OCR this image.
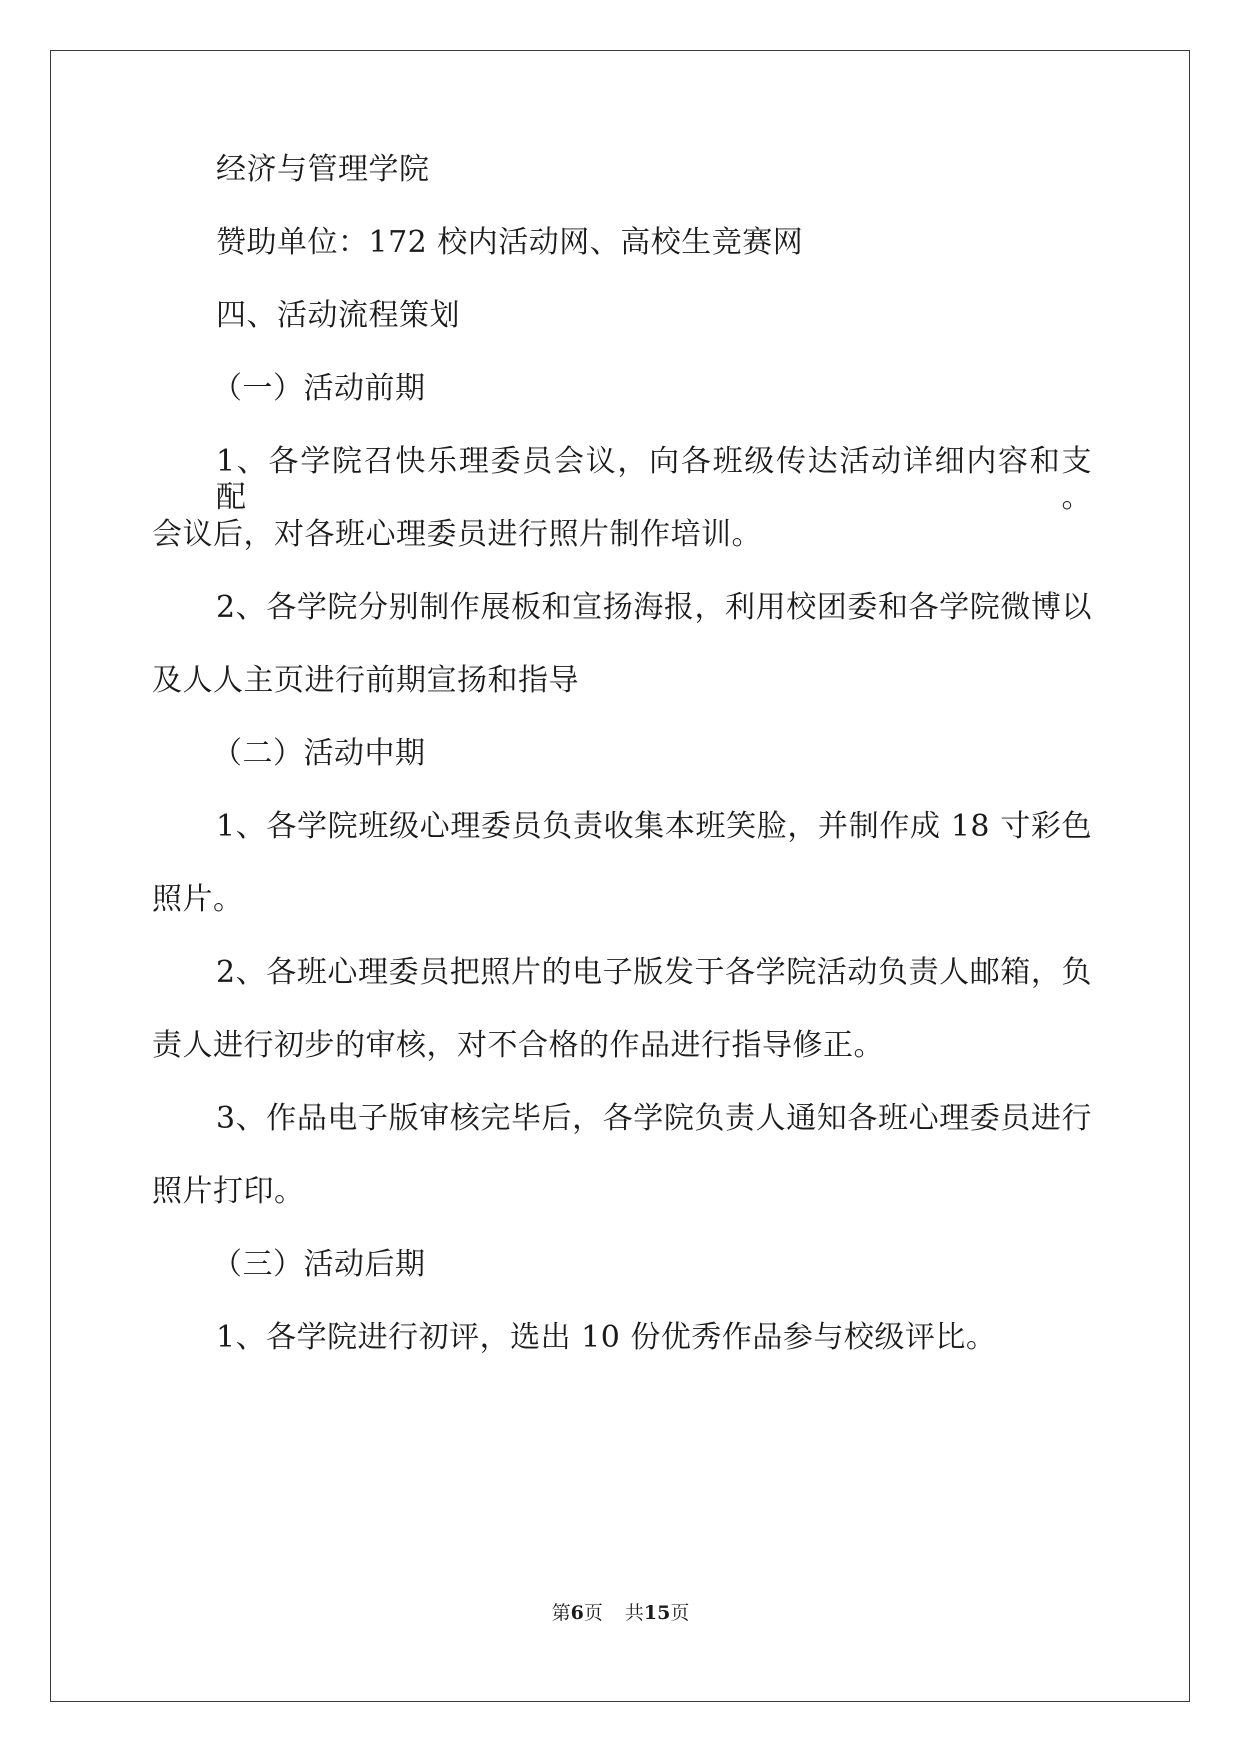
经济与管理学院
赞助单位：172 校内活动网、高校生竞赛网
四、活动流程策划
（一）活动前期
1、各学院召快乐理委员会议，向各班级传达活动详细内容和支配。
会议后，对各班心理委员进行照片制作培训。
2、各学院分别制作展板和宣扬海报，利用校团委和各学院微博以
及人人主页进行前期宣扬和指导
（二）活动中期
1、各学院班级心理委员负责收集本班笑脸，并制作成 18 寸彩色
照片。
2、各班心理委员把照片的电子版发于各学院活动负责人邮箱，负
责人进行初步的审核，对不合格的作品进行指导修正。
3、作品电子版审核完毕后，各学院负责人通知各班心理委员进行
照片打印。
（三）活动后期
1、各学院进行初评，选出 10 份优秀作品参与校级评比。
第6页 共15页
